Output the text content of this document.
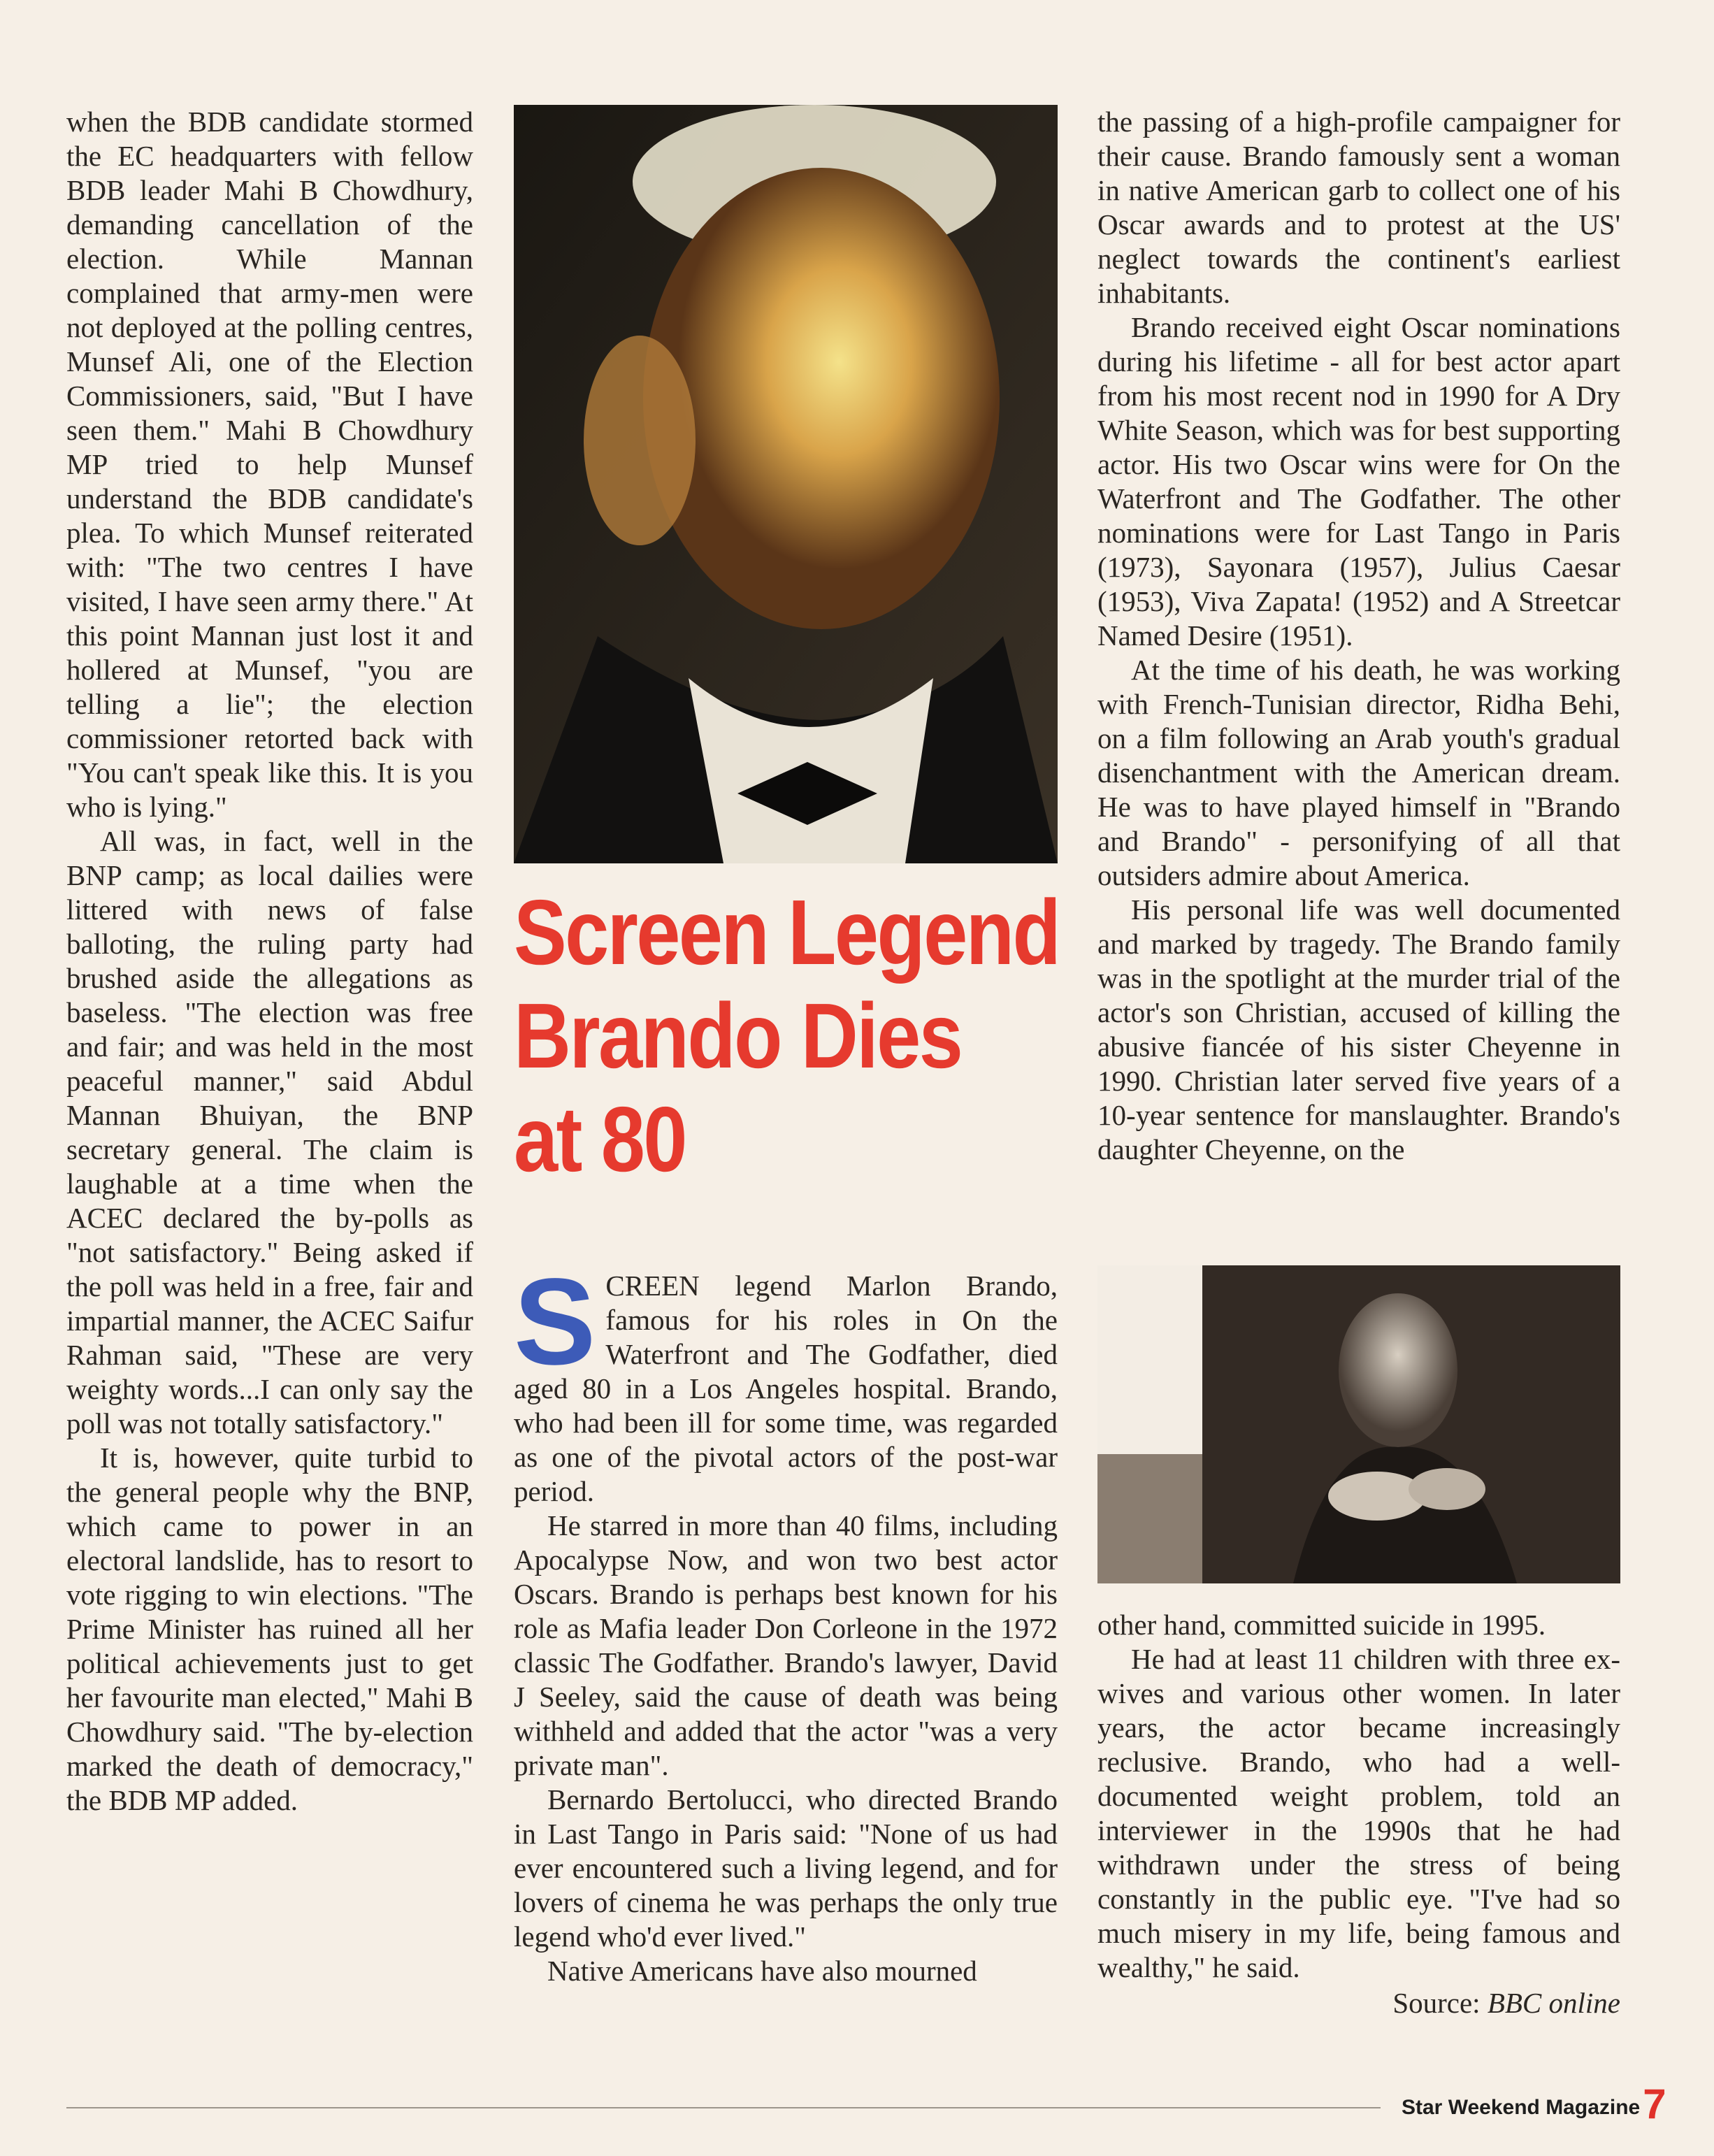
when the BDB candidate stormed the EC headquarters with fellow BDB leader Mahi B Chowdhury, demanding cancellation of the election. While Mannan complained that army-men were not deployed at the polling centres, Munsef Ali, one of the Election Commissioners, said, "But I have seen them." Mahi B Chowdhury MP tried to help Munsef understand the BDB candidate's plea. To which Munsef reiterated with: "The two centres I have visited, I have seen army there." At this point Mannan just lost it and hollered at Munsef, "you are telling a lie"; the election commissioner retorted back with "You can't speak like this. It is you who is lying."

All was, in fact, well in the BNP camp; as local dailies were littered with news of false balloting, the ruling party had brushed aside the allegations as baseless. "The election was free and fair; and was held in the most peaceful manner," said Abdul Mannan Bhuiyan, the BNP secretary general. The claim is laughable at a time when the ACEC declared the by-polls as "not satisfactory." Being asked if the poll was held in a free, fair and impartial manner, the ACEC Saifur Rahman said, "These are very weighty words...I can only say the poll was not totally satisfactory."

It is, however, quite turbid to the general people why the BNP, which came to power in an electoral landslide, has to resort to vote rigging to win elections. "The Prime Minister has ruined all her political achievements just to get her favourite man elected," Mahi B Chowdhury said. "The by-election marked the death of democracy," the BDB MP added.

Screen Legend
Brando Dies
at 80

SCREEN legend Marlon Brando, famous for his roles in On the Waterfront and The Godfather, died aged 80 in a Los Angeles hospital. Brando, who had been ill for some time, was regarded as one of the pivotal actors of the post-war period.

He starred in more than 40 films, including Apocalypse Now, and won two best actor Oscars. Brando is perhaps best known for his role as Mafia leader Don Corleone in the 1972 classic The Godfather. Brando's lawyer, David J Seeley, said the cause of death was being withheld and added that the actor "was a very private man".

Bernardo Bertolucci, who directed Brando in Last Tango in Paris said: "None of us had ever encountered such a living legend, and for lovers of cinema he was perhaps the only true legend who'd ever lived."

Native Americans have also mourned

the passing of a high-profile campaigner for their cause. Brando famously sent a woman in native American garb to collect one of his Oscar awards and to protest at the US' neglect towards the continent's earliest inhabitants.

Brando received eight Oscar nominations during his lifetime - all for best actor apart from his most recent nod in 1990 for A Dry White Season, which was for best supporting actor. His two Oscar wins were for On the Waterfront and The Godfather. The other nominations were for Last Tango in Paris (1973), Sayonara (1957), Julius Caesar (1953), Viva Zapata! (1952) and A Streetcar Named Desire (1951).

At the time of his death, he was working with French-Tunisian director, Ridha Behi, on a film following an Arab youth's gradual disenchantment with the American dream. He was to have played himself in "Brando and Brando" - personifying of all that outsiders admire about America.

His personal life was well documented and marked by tragedy. The Brando family was in the spotlight at the murder trial of the actor's son Christian, accused of killing the abusive fiancée of his sister Cheyenne in 1990. Christian later served five years of a 10-year sentence for manslaughter. Brando's daughter Cheyenne, on the

other hand, committed suicide in 1995.

He had at least 11 children with three ex-wives and various other women. In later years, the actor became increasingly reclusive. Brando, who had a well-documented weight problem, told an interviewer in the 1990s that he had withdrawn under the stress of being constantly in the public eye. "I've had so much misery in my life, being famous and wealthy," he said.

Source: BBC online
Star Weekend Magazine7
